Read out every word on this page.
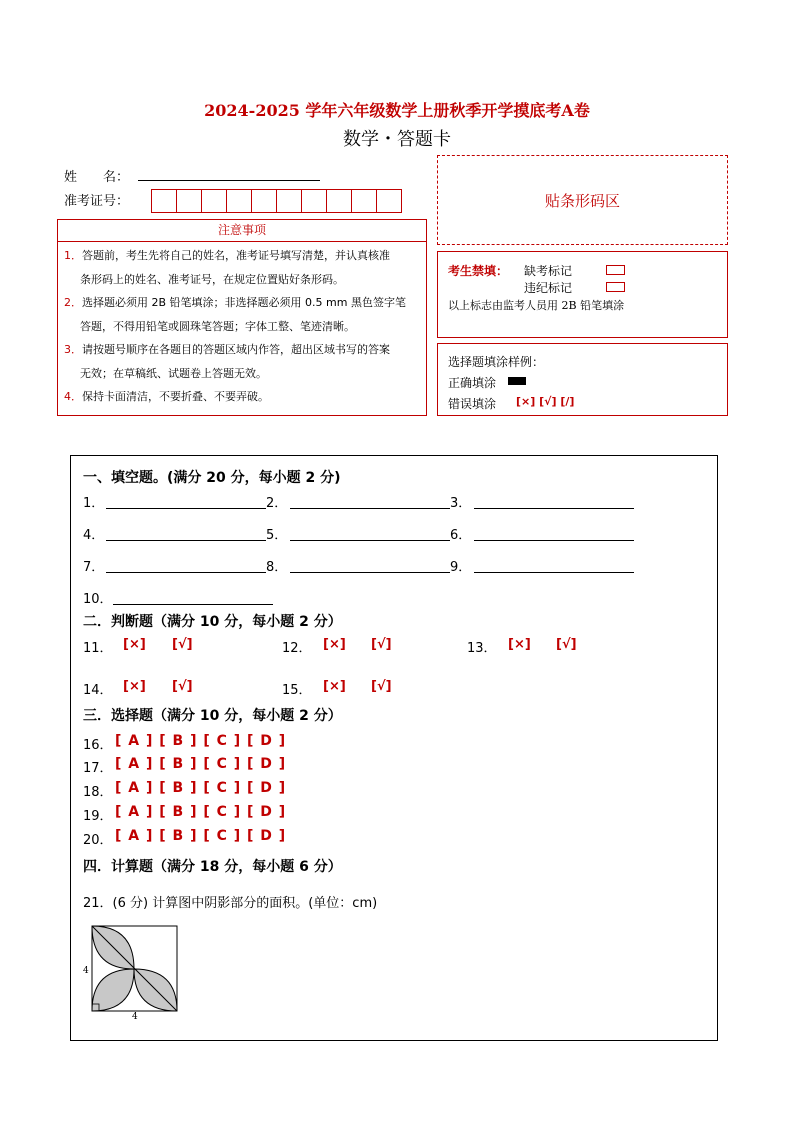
2024-2025 学年六年级数学上册秋季开学摸底考A卷
数学・答题卡
姓　　名：
准考证号：	贴条形码区
注意事项

1．答题前，考生先将自己的姓名，准考证号填写清楚，并认真核准

条形码上的姓名、准考证号，在规定位置贴好条形码。

2．选择题必须用 2B 铅笔填涂；非选择题必须用 0.5 mm 黑色签字笔

答题，不得用铅笔或圆珠笔答题；字体工整、笔迹清晰。

3．请按题号顺序在各题目的答题区域内作答，超出区域书写的答案

无效；在草稿纸、试题卷上答题无效。

4．保持卡面清洁，不要折叠、不要弄破。

考生禁填： 缺考标记
违纪标记
以上标志由监考人员用 2B 铅笔填涂
选择题填涂样例：
正确填涂
错误填涂 [×] [√] [/]
一、填空题。(满分 20 分，每小题 2 分)
1．	2．	3．
4．	5．	6．
7．	8．	9．
10．
二．判断题（满分 10 分，每小题 2 分）
11． [×] [√]	12． [×] [√]	13． [×] [√]
14． [×] [√]	15． [×] [√]
三．选择题（满分 10 分，每小题 2 分）
16． [ A ] [ B ] [ C ] [ D ]
17． [ A ] [ B ] [ C ] [ D ]
18． [ A ] [ B ] [ C ] [ D ]
19． [ A ] [ B ] [ C ] [ D ]
20． [ A ] [ B ] [ C ] [ D ]
四．计算题（满分 18 分，每小题 6 分）
21．(6 分) 计算图中阴影部分的面积。(单位：cm)
4
4
